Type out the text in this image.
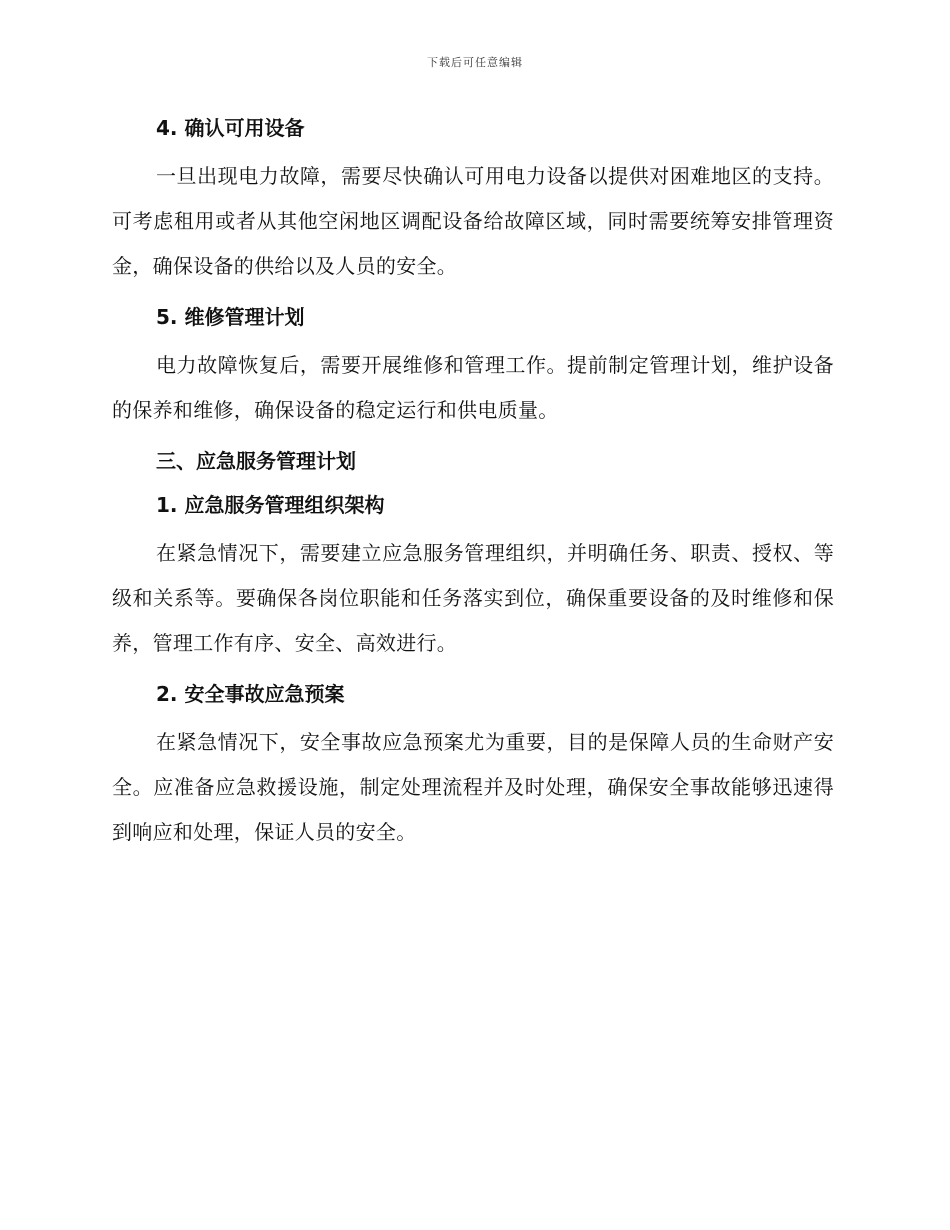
下载后可任意编辑

4. 确认可用设备

一旦出现电力故障，需要尽快确认可用电力设备以提供对困难地区的支持。可考虑租用或者从其他空闲地区调配设备给故障区域，同时需要统筹安排管理资金，确保设备的供给以及人员的安全。

5. 维修管理计划

电力故障恢复后，需要开展维修和管理工作。提前制定管理计划，维护设备的保养和维修，确保设备的稳定运行和供电质量。

三、应急服务管理计划

1. 应急服务管理组织架构

在紧急情况下，需要建立应急服务管理组织，并明确任务、职责、授权、等级和关系等。要确保各岗位职能和任务落实到位，确保重要设备的及时维修和保养，管理工作有序、安全、高效进行。

2. 安全事故应急预案

在紧急情况下，安全事故应急预案尤为重要，目的是保障人员的生命财产安全。应准备应急救援设施，制定处理流程并及时处理，确保安全事故能够迅速得到响应和处理，保证人员的安全。
